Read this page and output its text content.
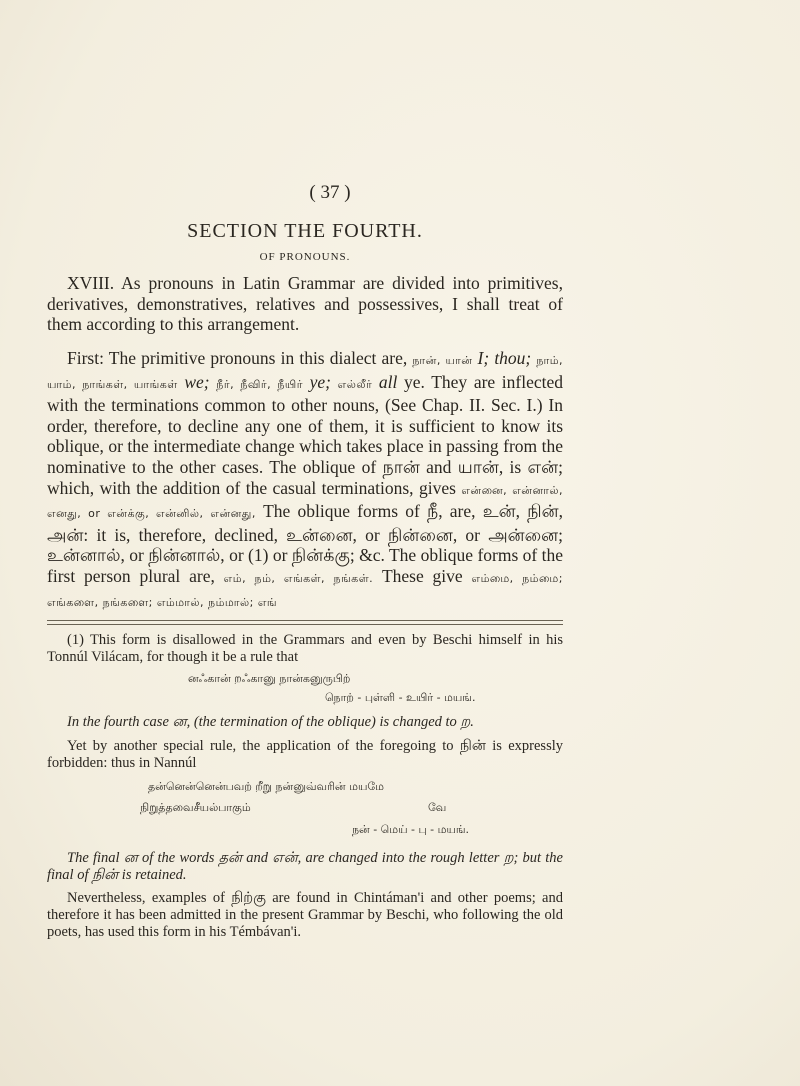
( 37 )
SECTION THE FOURTH.
OF PRONOUNS.
XVIII. As pronouns in Latin Grammar are divided into primitives, derivatives, demonstratives, relatives and possessives, I shall treat of them according to this arrangement.
First: The primitive pronouns in this dialect are, நான், யான் I; thou; நாம், யாம், நாங்கள், யாங்கள் we; நீர், நீவிர், நீயிர் ye; எல்லீர் all ye. They are inflected with the terminations common to other nouns, (See Chap. II. Sec. I.) In order, therefore, to decline any one of them, it is sufficient to know its oblique, or the intermediate change which takes place in passing from the nominative to the other cases. The oblique of நான் and யான், is என்; which, with the addition of the casual terminations, gives என்னை, என்னால், எனது, or என்க்கு, என்னில், என்னது, The oblique forms of நீ, are, உன், நின், அன்: it is, therefore, declined, உன்னை, or நின்னை, or அன்னை; உன்னால், or நின்னால், or (1) or நின்க்கு; &c. The oblique forms of the first person plural are, எம், நம், எங்கள், நங்கள். These give எம்மை, நம்மை; எங்களை, நங்களை; எம்மால், நம்மால்; எங்
(1) This form is disallowed in the Grammars and even by Beschi himself in his Tonnúl Vilácam, for though it be a rule that
னஃகான் றஃகானு நான்கனுருபிற்
நொற் - புள்ளி - உயிர் - மயங்.
In the fourth case ன, (the termination of the oblique) is changed to ற.
Yet by another special rule, the application of the foregoing to நின் is expressly forbidden: thus in Nannúl
தன்னென்னென்பவற் றீறு நன்னுவ்வரின் மயமே
நிறுத்தவைசீயல்பாகும்	வே
நன் - மெய் - பு - மயங்.
The final ன of the words தன் and என், are changed into the rough letter ற; but the final of நின் is retained.
Nevertheless, examples of நிற்கு are found in Chintáman'i and other poems; and therefore it has been admitted in the present Grammar by Beschi, who following the old poets, has used this form in his Témbávan'i.
